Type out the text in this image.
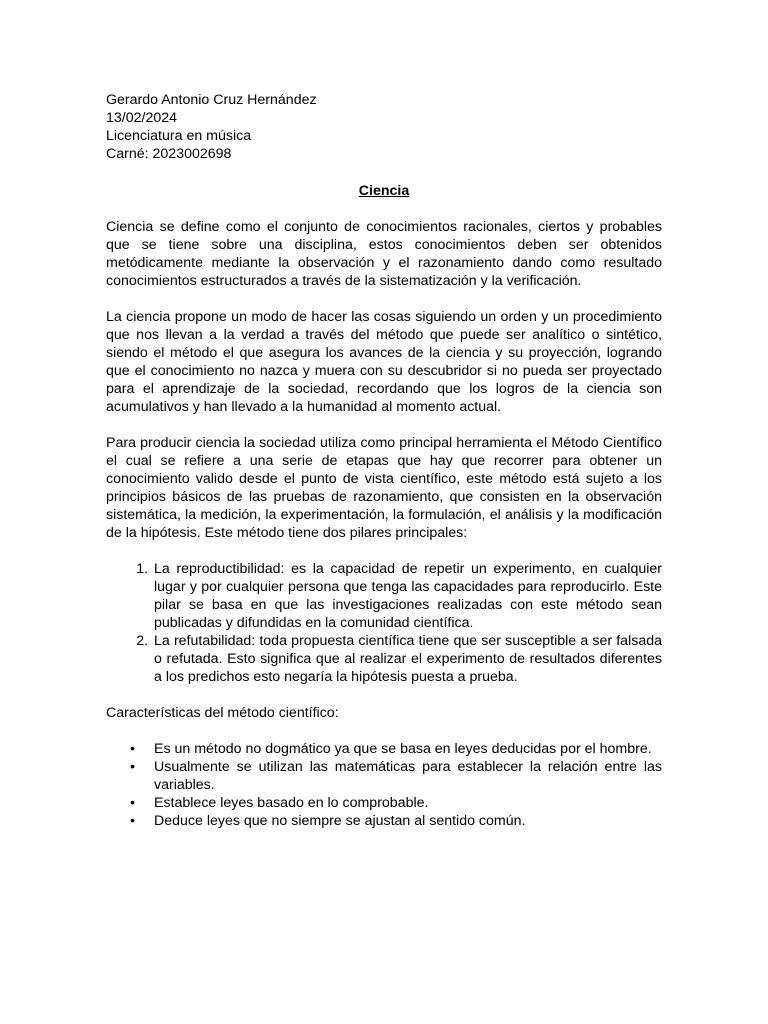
Gerardo Antonio Cruz Hernández

13/02/2024

Licenciatura en música

Carné: 2023002698

Ciencia

Ciencia se define como el conjunto de conocimientos racionales, ciertos y probables que se tiene sobre una disciplina, estos conocimientos deben ser obtenidos metódicamente mediante la observación y el razonamiento dando como resultado conocimientos estructurados a través de la sistematización y la verificación.

La ciencia propone un modo de hacer las cosas siguiendo un orden y un procedimiento que nos llevan a la verdad a través del método que puede ser analítico o sintético, siendo el método el que asegura los avances de la ciencia y su proyección, logrando que el conocimiento no nazca y muera con su descubridor si no pueda ser proyectado para el aprendizaje de la sociedad, recordando que los logros de la ciencia son acumulativos y han llevado a la humanidad al momento actual.

Para producir ciencia la sociedad utiliza como principal herramienta el Método Científico el cual se refiere a una serie de etapas que hay que recorrer para obtener un conocimiento valido desde el punto de vista científico, este método está sujeto a los principios básicos de las pruebas de razonamiento, que consisten en la observación sistemática, la medición, la experimentación, la formulación, el análisis y la modificación de la hipótesis. Este método tiene dos pilares principales:

1. La reproductibilidad: es la capacidad de repetir un experimento, en cualquier lugar y por cualquier persona que tenga las capacidades para reproducirlo. Este pilar se basa en que las investigaciones realizadas con este método sean publicadas y difundidas en la comunidad científica.
2. La refutabilidad: toda propuesta científica tiene que ser susceptible a ser falsada o refutada. Esto significa que al realizar el experimento de resultados diferentes a los predichos esto negaría la hipótesis puesta a prueba.

Características del método científico:

• Es un método no dogmático ya que se basa en leyes deducidas por el hombre.
• Usualmente se utilizan las matemáticas para establecer la relación entre las variables.
• Establece leyes basado en lo comprobable.
• Deduce leyes que no siempre se ajustan al sentido común.
